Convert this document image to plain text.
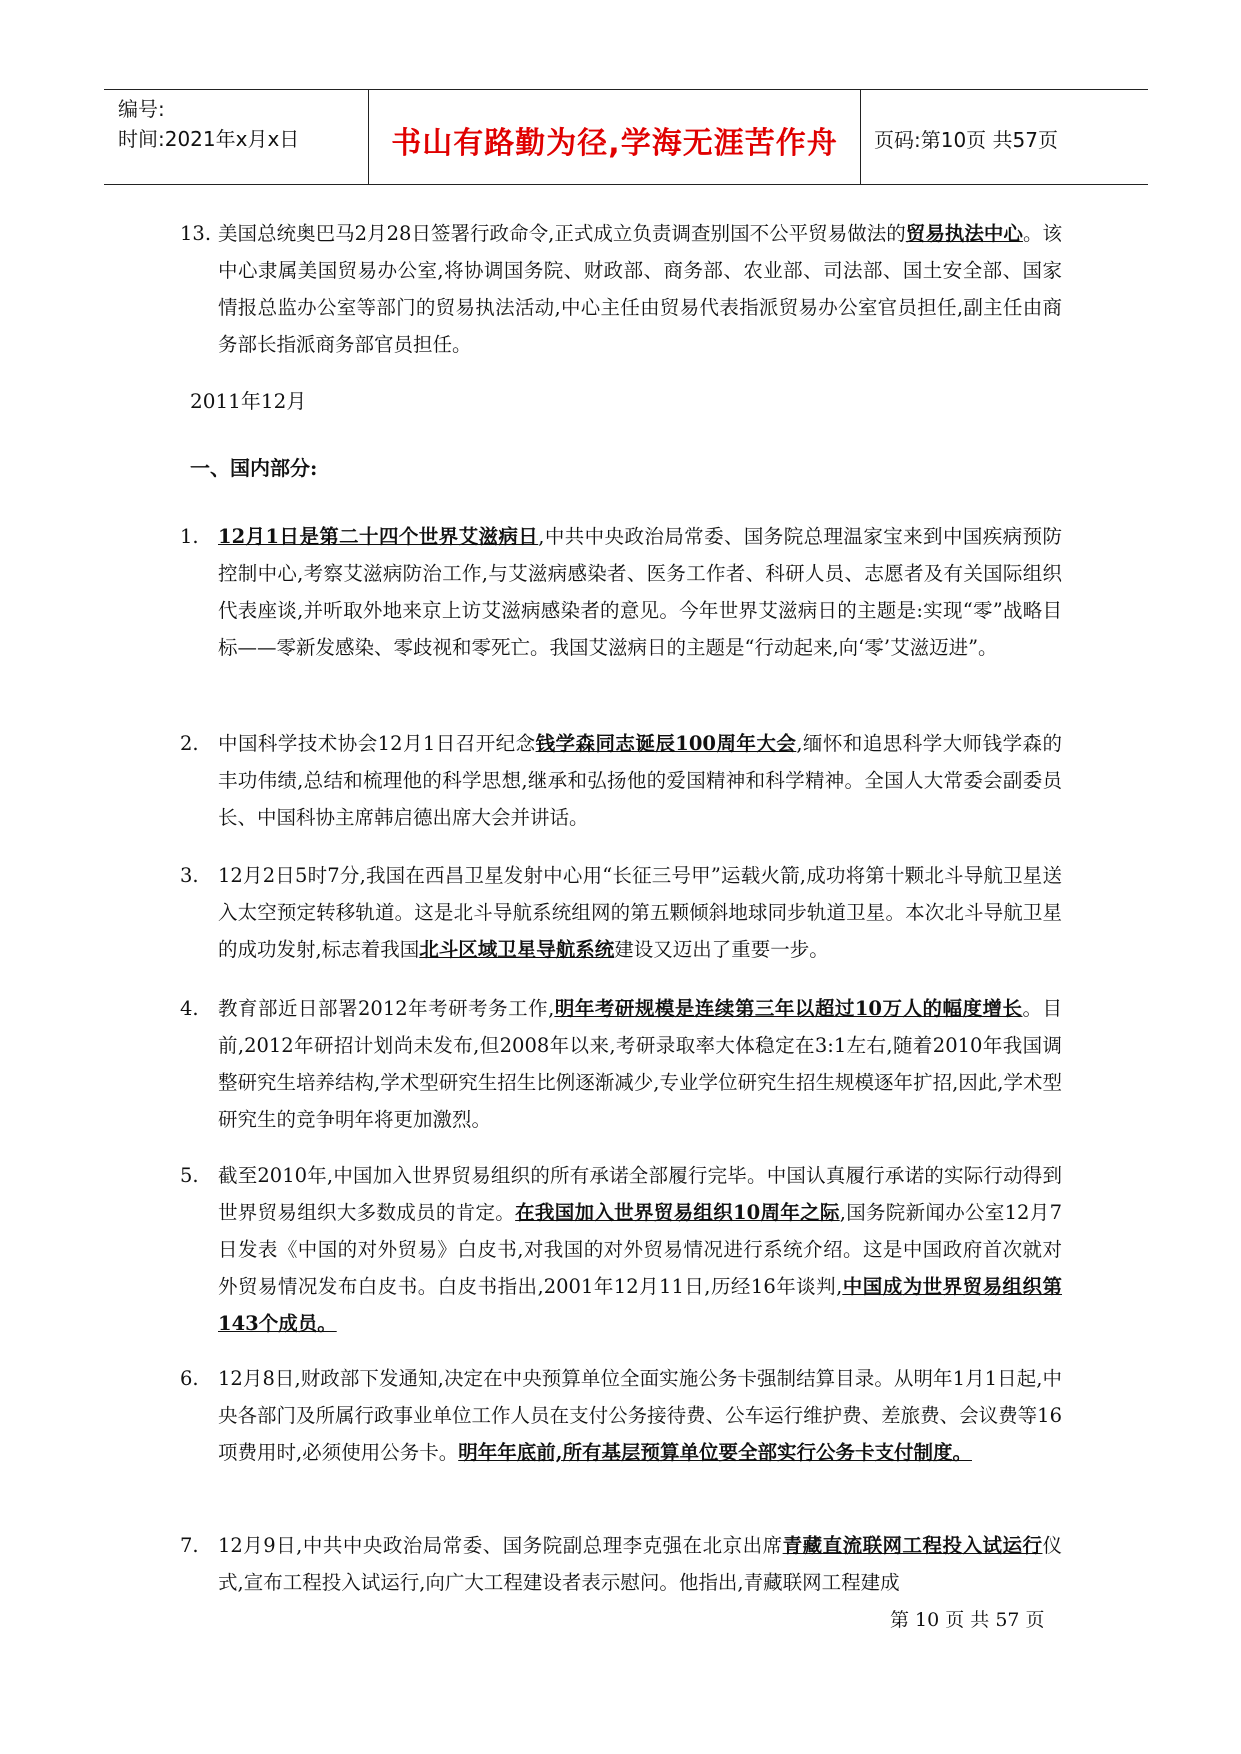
编号:
时间:2021年x月x日	书山有路勤为径,学海无涯苦作舟	页码:第10页 共57页
13. 美国总统奥巴马2月28日签署行政命令,正式成立负责调查别国不公平贸易做法的贸易执法中心。该中心隶属美国贸易办公室,将协调国务院、财政部、商务部、农业部、司法部、国土安全部、国家情报总监办公室等部门的贸易执法活动,中心主任由贸易代表指派贸易办公室官员担任,副主任由商务部长指派商务部官员担任。
2011年12月
一、国内部分:
1. 12月1日是第二十四个世界艾滋病日,中共中央政治局常委、国务院总理温家宝来到中国疾病预防控制中心,考察艾滋病防治工作,与艾滋病感染者、医务工作者、科研人员、志愿者及有关国际组织代表座谈,并听取外地来京上访艾滋病感染者的意见。今年世界艾滋病日的主题是:实现“零”战略目标——零新发感染、零歧视和零死亡。我国艾滋病日的主题是“行动起来,向‘零’艾滋迈进”。
2. 中国科学技术协会12月1日召开纪念钱学森同志诞辰100周年大会,缅怀和追思科学大师钱学森的丰功伟绩,总结和梳理他的科学思想,继承和弘扬他的爱国精神和科学精神。全国人大常委会副委员长、中国科协主席韩启德出席大会并讲话。
3. 12月2日5时7分,我国在西昌卫星发射中心用“长征三号甲”运载火箭,成功将第十颗北斗导航卫星送入太空预定转移轨道。这是北斗导航系统组网的第五颗倾斜地球同步轨道卫星。本次北斗导航卫星的成功发射,标志着我国北斗区域卫星导航系统建设又迈出了重要一步。
4. 教育部近日部署2012年考研考务工作,明年考研规模是连续第三年以超过10万人的幅度增长。目前,2012年研招计划尚未发布,但2008年以来,考研录取率大体稳定在3:1左右,随着2010年我国调整研究生培养结构,学术型研究生招生比例逐渐减少,专业学位研究生招生规模逐年扩招,因此,学术型研究生的竞争明年将更加激烈。
5. 截至2010年,中国加入世界贸易组织的所有承诺全部履行完毕。中国认真履行承诺的实际行动得到世界贸易组织大多数成员的肯定。在我国加入世界贸易组织10周年之际,国务院新闻办公室12月7日发表《中国的对外贸易》白皮书,对我国的对外贸易情况进行系统介绍。这是中国政府首次就对外贸易情况发布白皮书。白皮书指出,2001年12月11日,历经16年谈判,中国成为世界贸易组织第143个成员。
6. 12月8日,财政部下发通知,决定在中央预算单位全面实施公务卡强制结算目录。从明年1月1日起,中央各部门及所属行政事业单位工作人员在支付公务接待费、公车运行维护费、差旅费、会议费等16项费用时,必须使用公务卡。明年年底前,所有基层预算单位要全部实行公务卡支付制度。
7. 12月9日,中共中央政治局常委、国务院副总理李克强在北京出席青藏直流联网工程投入试运行仪式,宣布工程投入试运行,向广大工程建设者表示慰问。他指出,青藏联网工程建成
第 10 页 共 57 页
